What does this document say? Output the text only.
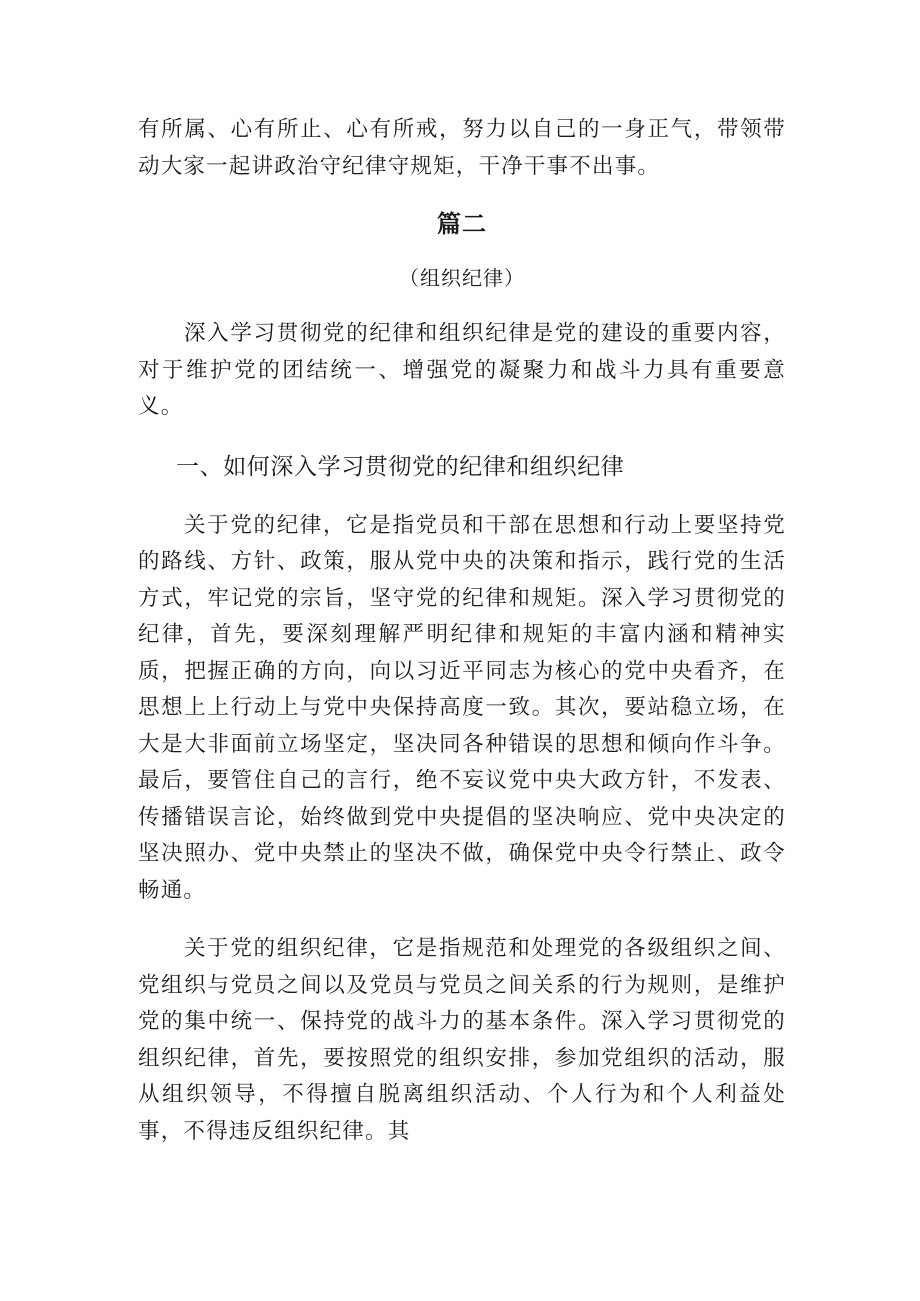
有所属、心有所止、心有所戒，努力以自己的一身正气，带领带动大家一起讲政治守纪律守规矩，干净干事不出事。

篇二

（组织纪律）

深入学习贯彻党的纪律和组织纪律是党的建设的重要内容，对于维护党的团结统一、增强党的凝聚力和战斗力具有重要意义。

一、如何深入学习贯彻党的纪律和组织纪律

关于党的纪律，它是指党员和干部在思想和行动上要坚持党的路线、方针、政策，服从党中央的决策和指示，践行党的生活方式，牢记党的宗旨，坚守党的纪律和规矩。深入学习贯彻党的纪律，首先，要深刻理解严明纪律和规矩的丰富内涵和精神实质，把握正确的方向，向以习近平同志为核心的党中央看齐，在思想上上行动上与党中央保持高度一致。其次，要站稳立场，在大是大非面前立场坚定，坚决同各种错误的思想和倾向作斗争。最后，要管住自己的言行，绝不妄议党中央大政方针，不发表、传播错误言论，始终做到党中央提倡的坚决响应、党中央决定的坚决照办、党中央禁止的坚决不做，确保党中央令行禁止、政令畅通。

关于党的组织纪律，它是指规范和处理党的各级组织之间、党组织与党员之间以及党员与党员之间关系的行为规则，是维护党的集中统一、保持党的战斗力的基本条件。深入学习贯彻党的组织纪律，首先，要按照党的组织安排，参加党组织的活动，服从组织领导，不得擅自脱离组织活动、个人行为和个人利益处事，不得违反组织纪律。其
